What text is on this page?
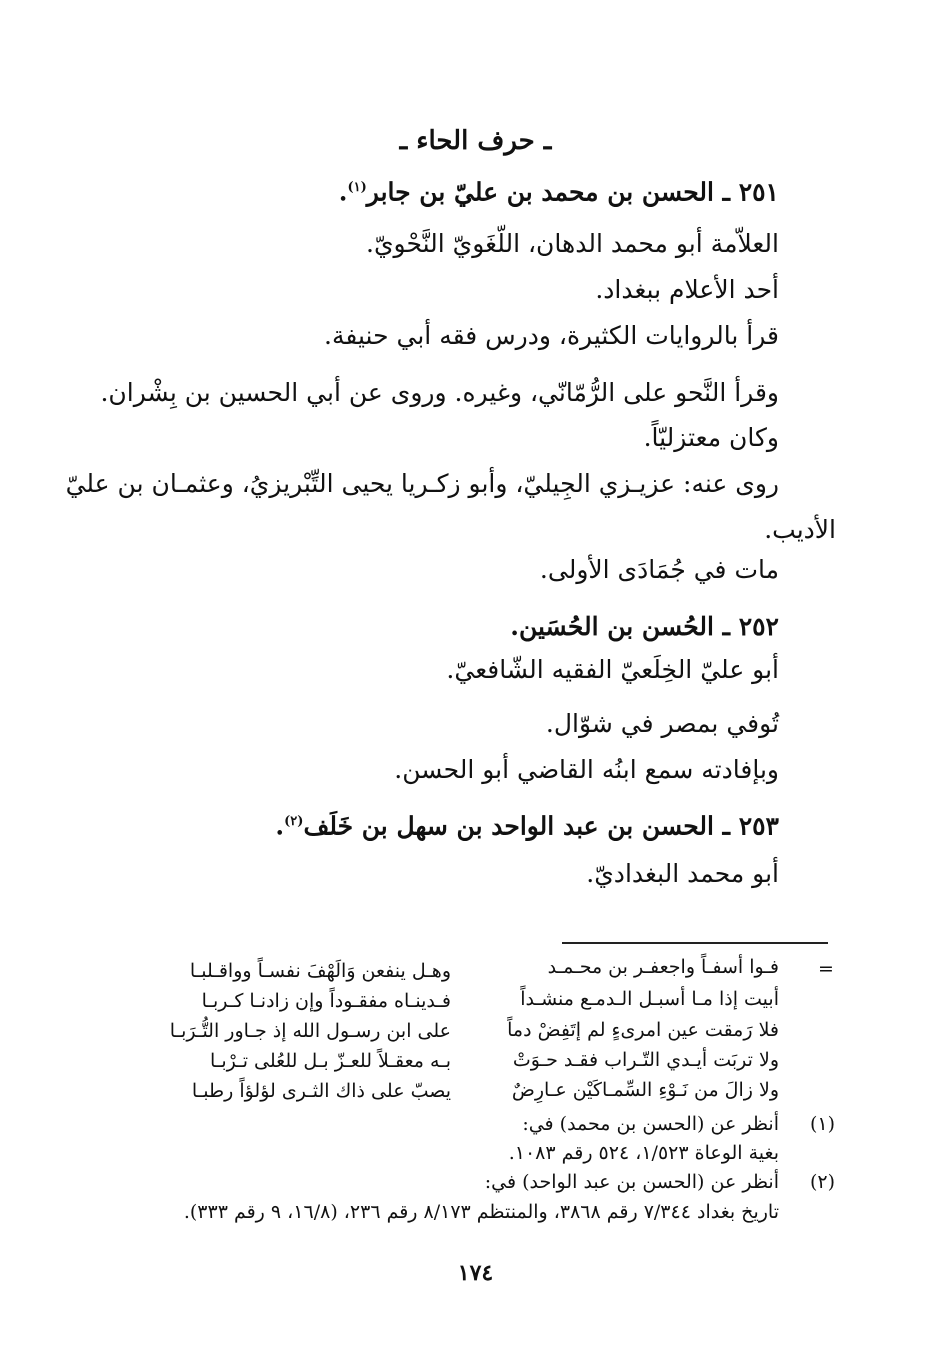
ـ حرف الحاء ـ
٢٥١ ـ الحسن بن محمد بن عليّ بن جابر$^{(١)}$.
العلاّمة أبو محمد الدهان، اللّغَويّ النَّحْويّ.
أحد الأعلام ببغداد.
قرأ بالروايات الكثيرة، ودرس فقه أبي حنيفة.
وقرأ النَّحو على الرُّمّانّي، وغيره. وروى عن أبي الحسين بن بِشْران.
وكان معتزليّاً.
روى عنه: عزيـزي الجِيليّ، وأبو زكـريا يحيى التِّبْريزيُ، وعثمـان بن عليّ
الأديب.
مات في جُمَادَى الأولى.
٢٥٢ ـ الحُسن بن الحُسَين.
أبو عليّ الخِلَعيّ الفقيه الشّافعيّ.
تُوفي بمصر في شوّال.
وبإفادته سمع ابنُه القاضي أبو الحسن.
٢٥٣ ـ الحسن بن عبد الواحد بن سهل بن خَلَف$^{(٢)}$.
أبو محمد البغداديّ.
=
فـوا أسفـاً واجعفـر بن محـمـد
أبيت إذا مـا أسبـل الـدمـع منشـداً
فلا رَمقت عين امرىءٍ لم إتَفِضْ دماً
ولا تربَت أيـدي التّـراب فقـد حـوَتْ
ولا زالَ من نَـوْءِ السِّمـاكَيْن عـارِضٌ
وهـل ينفعن وَالَهْفَ نفسـاً وواقـلبـا
فـدينـاه مفقـوداً وإن زادنـا كـربـا
على ابن رسـول الله إذ جـاور التُّـرَبـا
بـه معقـلاً للعـزّ بـل للعُلى تـرْبـا
يصبّ على ذاك الثـرى لؤلؤاً رطبـا
(١)
أنظر عن (الحسن بن محمد) في:
بغية الوعاة ١/٥٢٣، ٥٢٤ رقم ١٠٨٣.
(٢)
أنظر عن (الحسن بن عبد الواحد) في:
تاريخ بغداد ٧/٣٤٤ رقم ٣٨٦٨، والمنتظم ٨/١٧٣ رقم ٢٣٦، (١٦/٨، ٩ رقم ٣٣٣).
١٧٤
